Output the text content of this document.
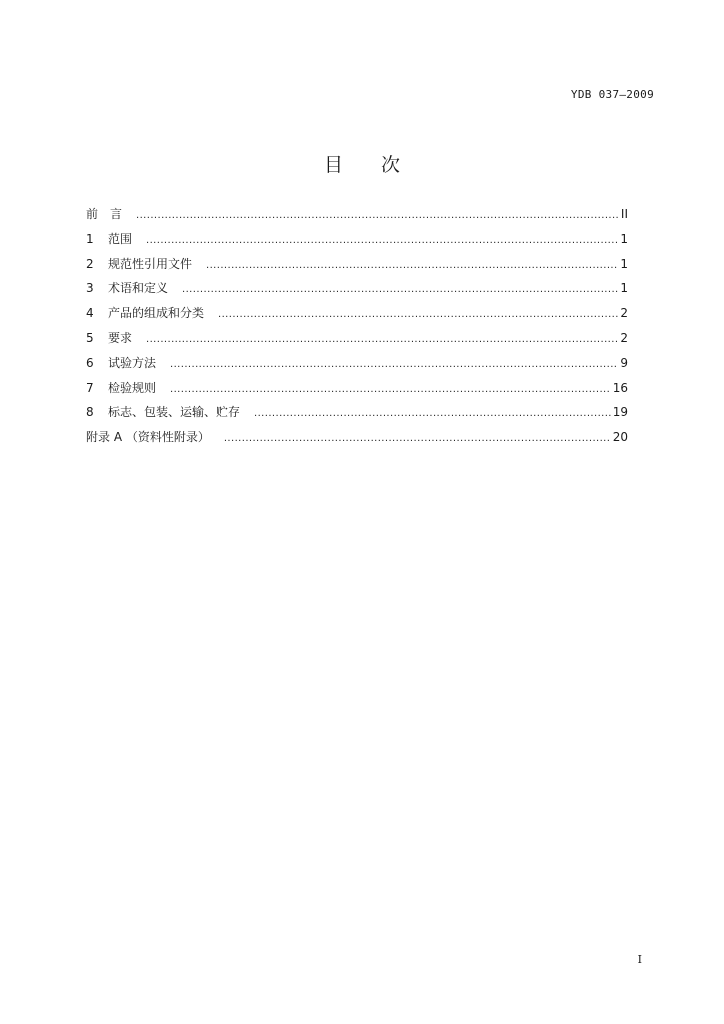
YDB 037—2009
目 次
前　言 .....	II
1	范围 .....	1
2	规范性引用文件 .....	1
3	术语和定义 .....	1
4	产品的组成和分类 .....	2
5	要求 .....	2
6	试验方法 .....	9
7	检验规则 .....	16
8	标志、包装、运输、贮存 .....	19
附录 A （资料性附录） .....	20
I
